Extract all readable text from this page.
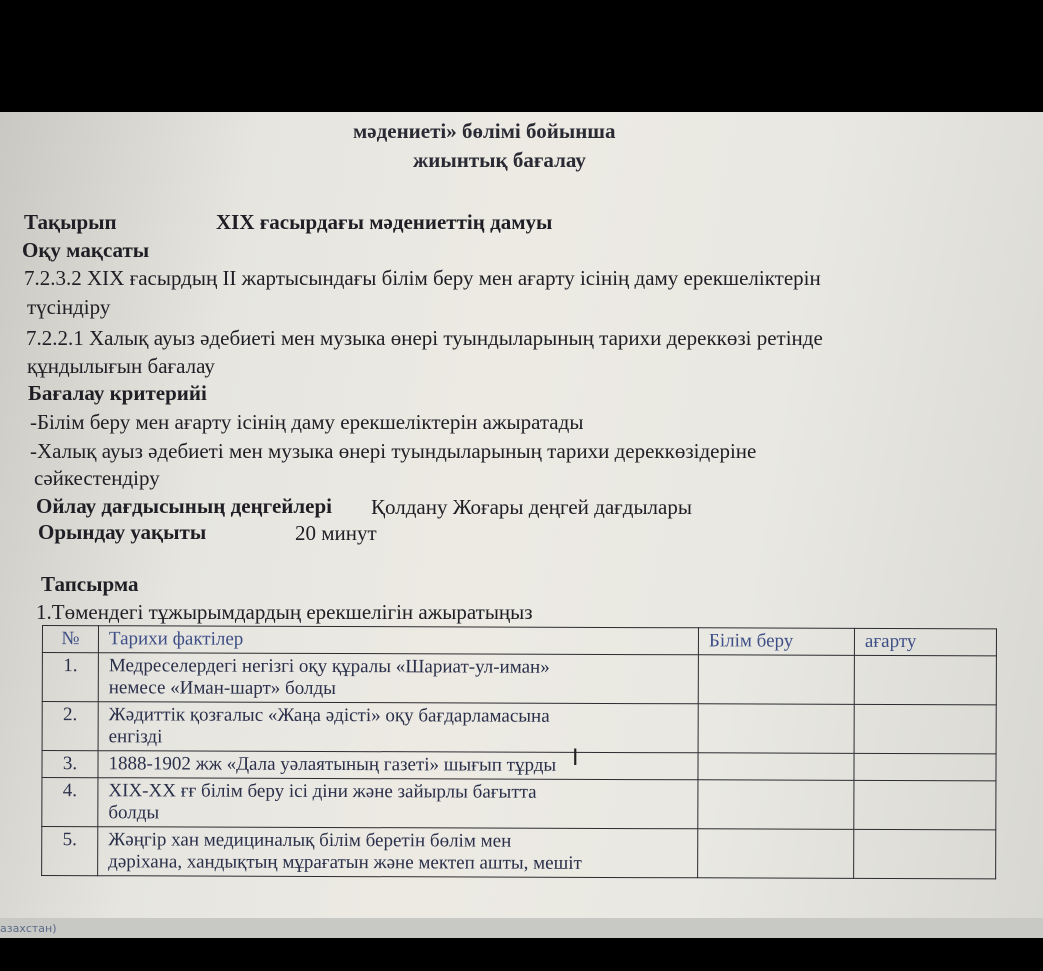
мәдениеті» бөлімі бойынша
жиынтық бағалау
Тақырып	XIX ғасырдағы мәдениеттің дамуы
Оқу мақсаты
7.2.3.2 XIX ғасырдың II жартысындағы білім беру мен ағарту ісінің даму ерекшеліктерін
түсіндіру
7.2.2.1 Халық ауыз әдебиеті мен музыка өнері туындыларының тарихи дереккөзі ретінде
құндылығын бағалау
Бағалау критерийі
-Білім беру мен ағарту ісінің даму ерекшеліктерін ажыратады
-Халық ауыз әдебиеті мен музыка өнері туындыларының тарихи дереккөзідеріне
сәйкестендіру
Ойлау дағдысының деңгейлері Қолдану Жоғары деңгей дағдылары
Орындау уақыты	20 минут
Тапсырма
1.Төмендегі тұжырымдардың ерекшелігін ажыратыңыз
№	Тарихи фактілер	Білім беру	ағарту
1.	Медреселердегі негізгі оқу құралы «Шариат-ул-иман»
немесе «Иман-шарт» болды		

2.	Жәдиттік қозғалыс «Жаңа әдісті» оқу бағдарламасына
енгізді		

3.	1888-1902 жж «Дала уәлаятының газеті» шығып тұрды		

4.	XIX-XX ғғ білім беру ісі діни және зайырлы бағытта
болды		

5.	Жәңгір хан медициналық білім беретін бөлім мен
дәріхана, хандықтың мұрағатын және мектеп ашты, мешіт		

I
азахстан)
